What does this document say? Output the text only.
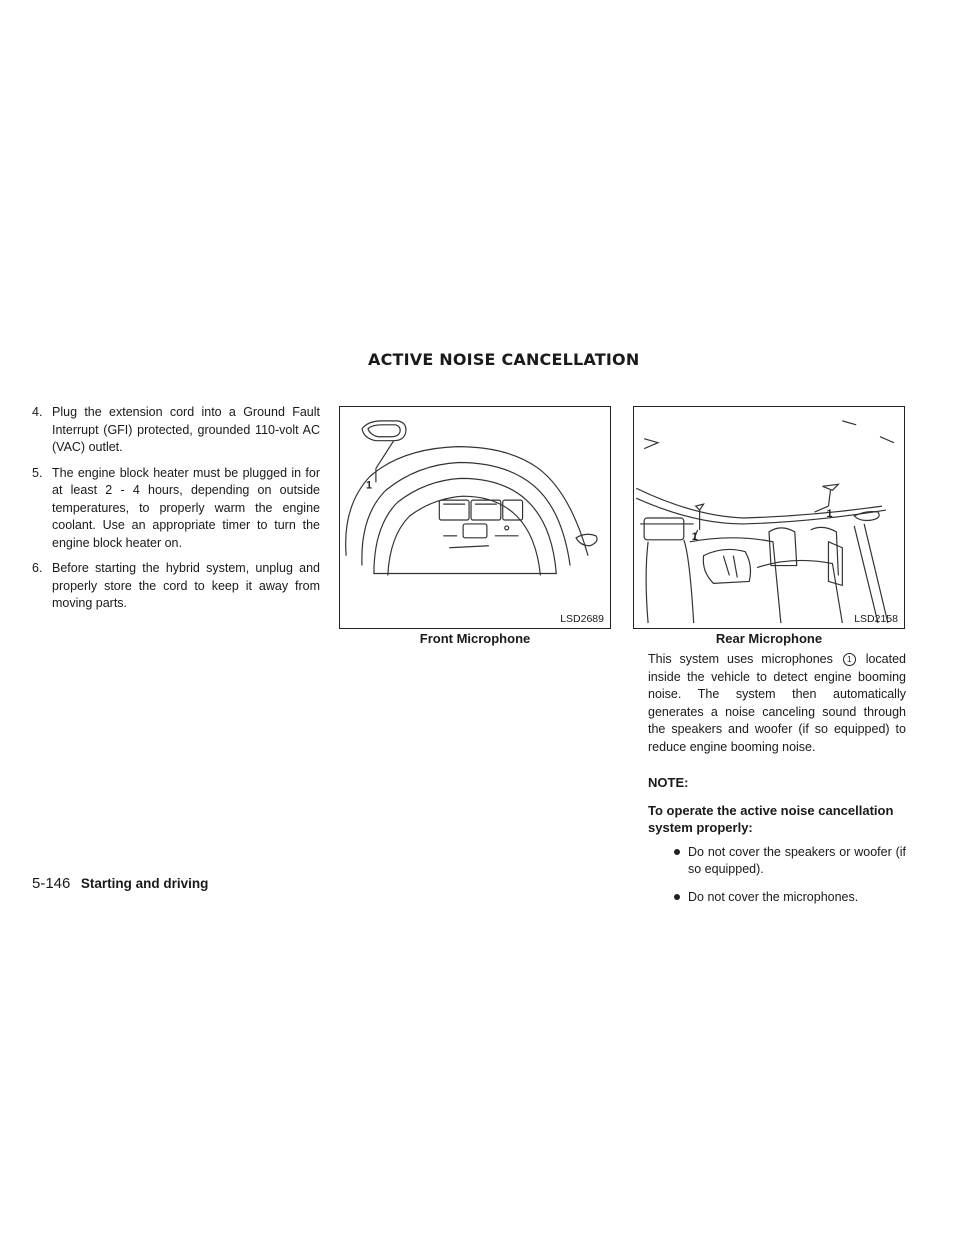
ACTIVE NOISE CANCELLATION

4. Plug the extension cord into a Ground Fault Interrupt (GFI) protected, grounded 110-volt AC (VAC) outlet.

5. The engine block heater must be plugged in for at least 2 - 4 hours, depending on outside temperatures, to properly warm the engine coolant. Use an appropriate timer to turn the engine block heater on.

6. Before starting the hybrid system, unplug and properly store the cord to keep it away from moving parts.

1
LSD2689
Front Microphone
1
1
LSD2158
Rear Microphone

This system uses microphones 1 located inside the vehicle to detect engine booming noise. The system then automatically generates a noise canceling sound through the speakers and woofer (if so equipped) to reduce engine booming noise.

NOTE:

To operate the active noise cancellation system properly:

Do not cover the speakers or woofer (if so equipped).
Do not cover the microphones.
5-146 Starting and driving
